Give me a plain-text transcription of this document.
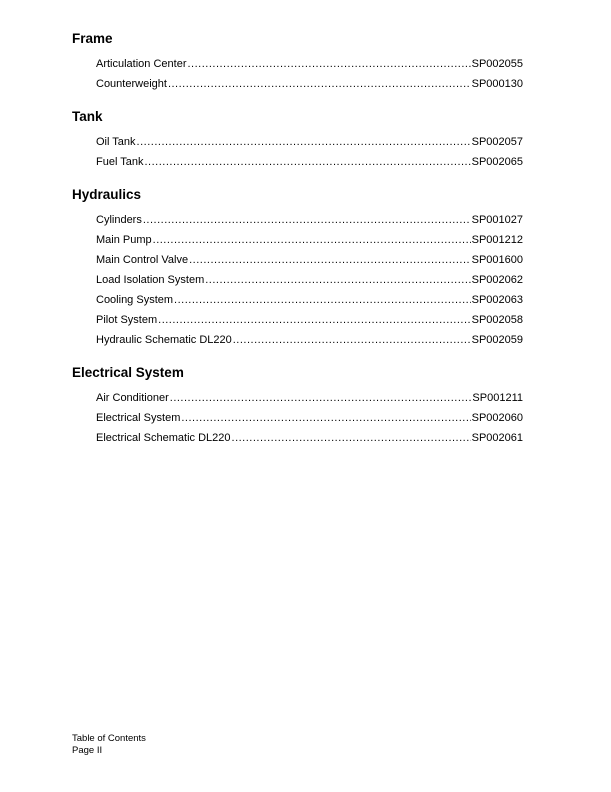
Frame
Articulation Center .....	SP002055
Counterweight .....	SP000130
Tank
Oil Tank .....	SP002057
Fuel Tank .....	SP002065
Hydraulics
Cylinders .....	SP001027
Main Pump .....	SP001212
Main Control Valve .....	SP001600
Load Isolation System .....	SP002062
Cooling System .....	SP002063
Pilot System .....	SP002058
Hydraulic Schematic DL220 .....	SP002059
Electrical System
Air Conditioner .....	SP001211
Electrical System .....	SP002060
Electrical Schematic DL220 .....	SP002061
Table of Contents
Page II
